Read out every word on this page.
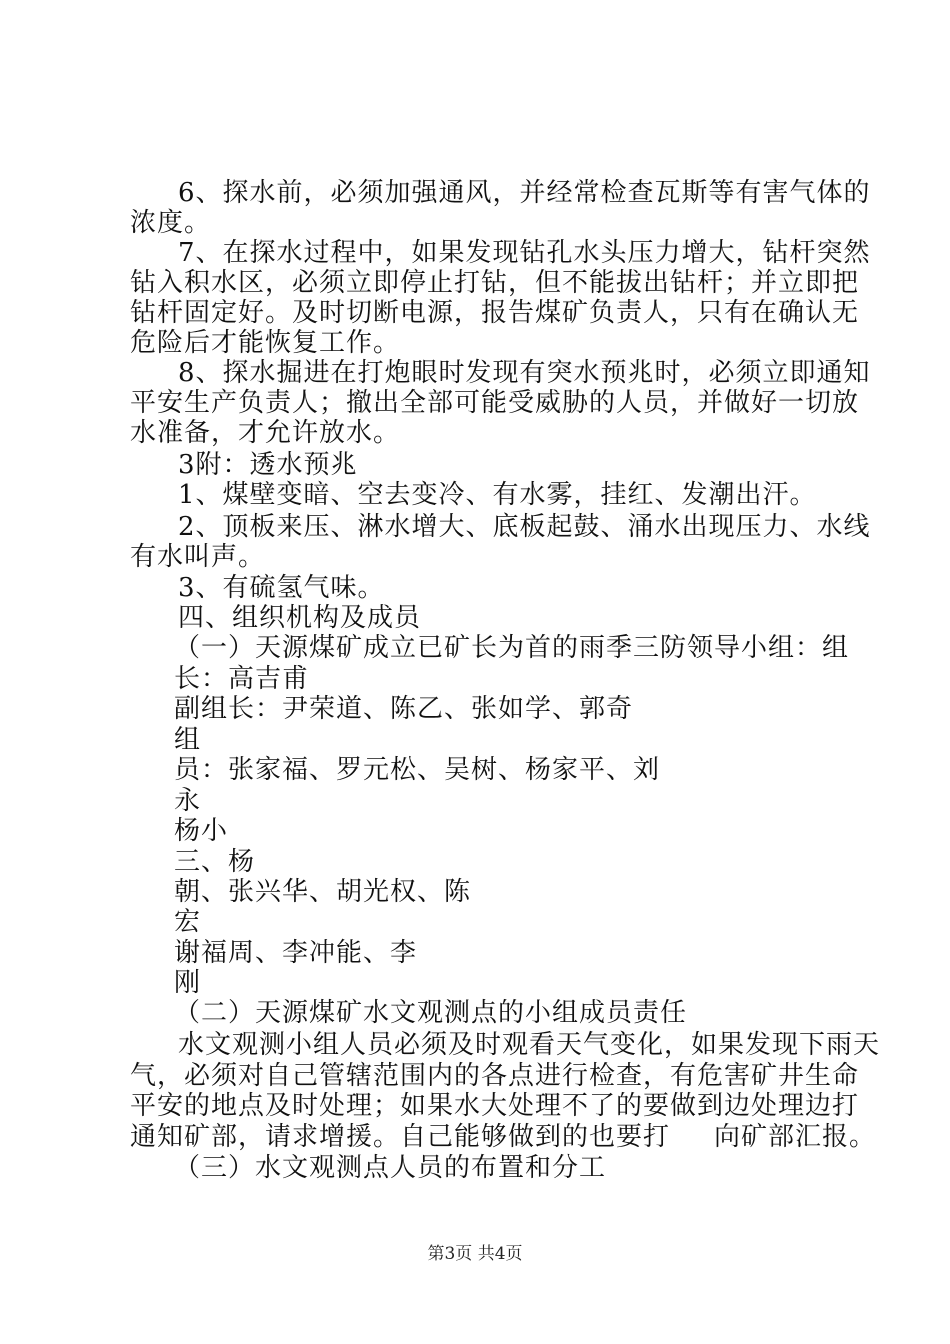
6、探水前，必须加强通风，并经常检查瓦斯等有害气体的
浓度。
7、在探水过程中，如果发现钻孔水头压力增大，钻杆突然
钻入积水区，必须立即停止打钻，但不能拔出钻杆；并立即把
钻杆固定好。及时切断电源，报告煤矿负责人，只有在确认无
危险后才能恢复工作。
8、探水掘进在打炮眼时发现有突水预兆时，必须立即通知
平安生产负责人；撤出全部可能受威胁的人员，并做好一切放
水准备，才允许放水。
3附：透水预兆
1、煤壁变暗、空去变冷、有水雾，挂红、发潮出汗。
2、顶板来压、淋水增大、底板起鼓、涌水出现压力、水线
有水叫声。
3、有硫氢气味。
四、组织机构及成员
（一）天源煤矿成立已矿长为首的雨季三防领导小组：组
长：高吉甫
副组长：尹荣道、陈乙、张如学、郭奇
组
员：张家福、罗元松、吴树、杨家平、刘
永
杨小
三、杨
朝、张兴华、胡光权、陈
宏
谢福周、李冲能、李
刚
（二）天源煤矿水文观测点的小组成员责任
水文观测小组人员必须及时观看天气变化，如果发现下雨天
气，必须对自己管辖范围内的各点进行检查，有危害矿井生命
平安的地点及时处理；如果水大处理不了的要做到边处理边打
通知矿部，请求增援。自己能够做到的也要打 向矿部汇报。
（三）水文观测点人员的布置和分工
第3页 共4页
